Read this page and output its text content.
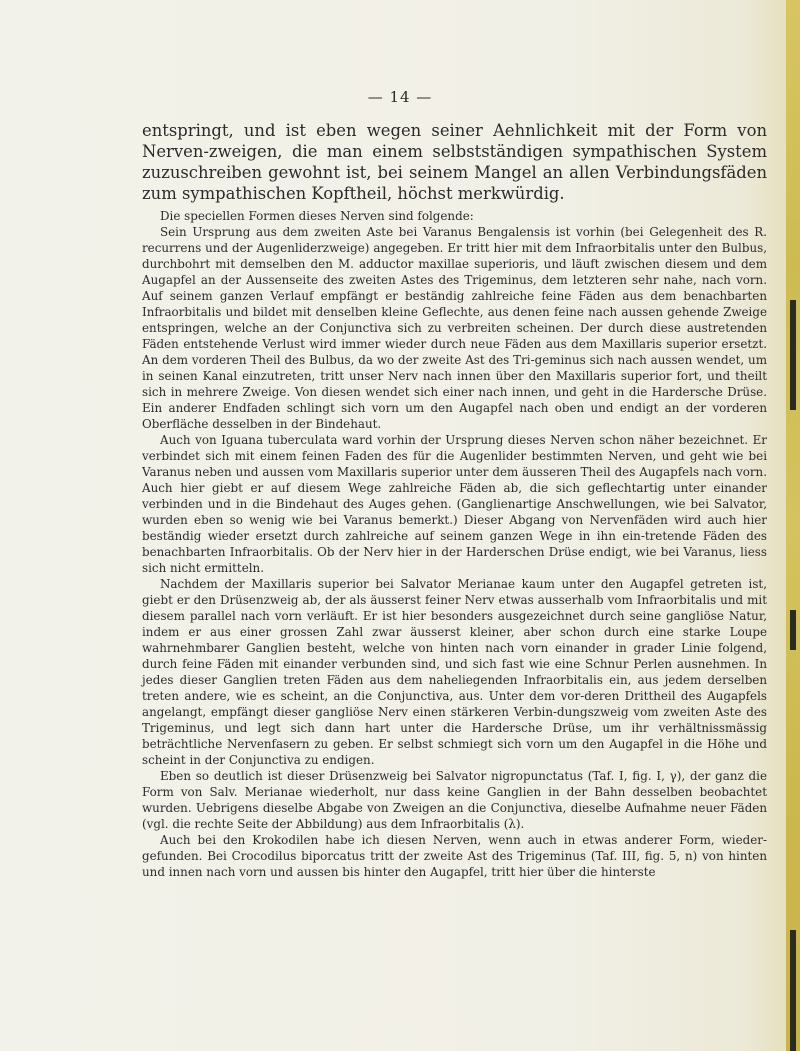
— 14 —

entspringt, und ist eben wegen seiner Aehnlichkeit mit der Form von Nerven-zweigen, die man einem selbstständigen sympathischen System zuzuschreiben gewohnt ist, bei seinem Mangel an allen Verbindungsfäden zum sympathischen Kopftheil, höchst merkwürdig.

Die speciellen Formen dieses Nerven sind folgende:

Sein Ursprung aus dem zweiten Aste bei Varanus Bengalensis ist vorhin (bei Gelegenheit des R. recurrens und der Augenliderzweige) angegeben. Er tritt hier mit dem Infraorbitalis unter den Bulbus, durchbohrt mit demselben den M. adductor maxillae superioris, und läuft zwischen diesem und dem Augapfel an der Aussenseite des zweiten Astes des Trigeminus, dem letzteren sehr nahe, nach vorn. Auf seinem ganzen Verlauf empfängt er beständig zahlreiche feine Fäden aus dem benachbarten Infraorbitalis und bildet mit denselben kleine Geflechte, aus denen feine nach aussen gehende Zweige entspringen, welche an der Conjunctiva sich zu verbreiten scheinen. Der durch diese austretenden Fäden entstehende Verlust wird immer wieder durch neue Fäden aus dem Maxillaris superior ersetzt. An dem vorderen Theil des Bulbus, da wo der zweite Ast des Tri-geminus sich nach aussen wendet, um in seinen Kanal einzutreten, tritt unser Nerv nach innen über den Maxillaris superior fort, und theilt sich in mehrere Zweige. Von diesen wendet sich einer nach innen, und geht in die Hardersche Drüse. Ein anderer Endfaden schlingt sich vorn um den Augapfel nach oben und endigt an der vorderen Oberfläche desselben in der Bindehaut.

Auch von Iguana tuberculata ward vorhin der Ursprung dieses Nerven schon näher bezeichnet. Er verbindet sich mit einem feinen Faden des für die Augenlider bestimmten Nerven, und geht wie bei Varanus neben und aussen vom Maxillaris superior unter dem äusseren Theil des Augapfels nach vorn. Auch hier giebt er auf diesem Wege zahlreiche Fäden ab, die sich geflechtartig unter einander verbinden und in die Bindehaut des Auges gehen. (Ganglienartige Anschwellungen, wie bei Salvator, wurden eben so wenig wie bei Varanus bemerkt.) Dieser Abgang von Nervenfäden wird auch hier beständig wieder ersetzt durch zahlreiche auf seinem ganzen Wege in ihn ein-tretende Fäden des benachbarten Infraorbitalis. Ob der Nerv hier in der Harderschen Drüse endigt, wie bei Varanus, liess sich nicht ermitteln.

Nachdem der Maxillaris superior bei Salvator Merianae kaum unter den Augapfel getreten ist, giebt er den Drüsenzweig ab, der als äusserst feiner Nerv etwas ausserhalb vom Infraorbitalis und mit diesem parallel nach vorn verläuft. Er ist hier besonders ausgezeichnet durch seine gangliöse Natur, indem er aus einer grossen Zahl zwar äusserst kleiner, aber schon durch eine starke Loupe wahrnehmbarer Ganglien besteht, welche von hinten nach vorn einander in grader Linie folgend, durch feine Fäden mit einander verbunden sind, und sich fast wie eine Schnur Perlen ausnehmen. In jedes dieser Ganglien treten Fäden aus dem naheliegenden Infraorbitalis ein, aus jedem derselben treten andere, wie es scheint, an die Conjunctiva, aus. Unter dem vor-deren Drittheil des Augapfels angelangt, empfängt dieser gangliöse Nerv einen stärkeren Verbin-dungszweig vom zweiten Aste des Trigeminus, und legt sich dann hart unter die Hardersche Drüse, um ihr verhältnissmässig beträchtliche Nervenfasern zu geben. Er selbst schmiegt sich vorn um den Augapfel in die Höhe und scheint in der Conjunctiva zu endigen.

Eben so deutlich ist dieser Drüsenzweig bei Salvator nigropunctatus (Taf. I, fig. I, γ), der ganz die Form von Salv. Merianae wiederholt, nur dass keine Ganglien in der Bahn desselben beobachtet wurden. Uebrigens dieselbe Abgabe von Zweigen an die Conjunctiva, dieselbe Aufnahme neuer Fäden (vgl. die rechte Seite der Abbildung) aus dem Infraorbitalis (λ).

Auch bei den Krokodilen habe ich diesen Nerven, wenn auch in etwas anderer Form, wieder-gefunden. Bei Crocodilus biporcatus tritt der zweite Ast des Trigeminus (Taf. III, fig. 5, n) von hinten und innen nach vorn und aussen bis hinter den Augapfel, tritt hier über die hinterste
